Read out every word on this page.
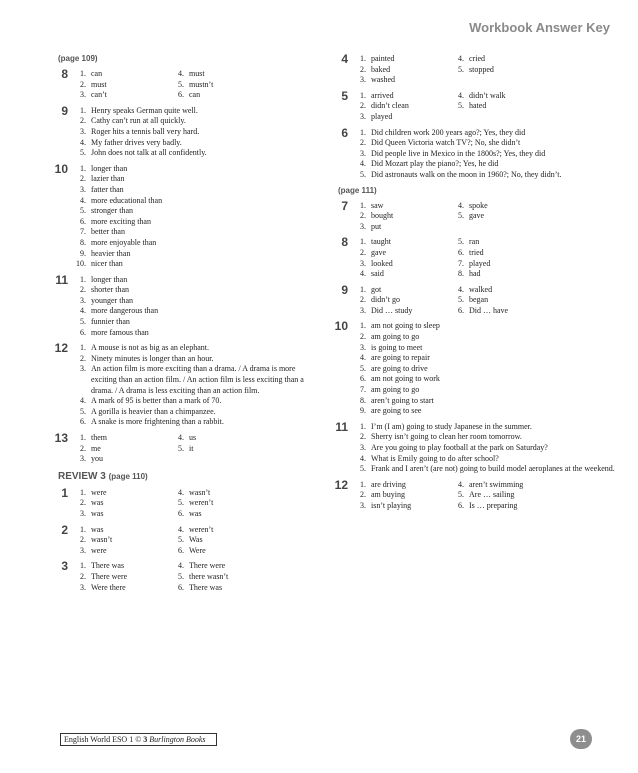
Workbook Answer Key
(page 109)
8	1. can	4. must
2. must	5. mustn’t
3. can’t	6. can
9	1. Henry speaks German quite well.
2. Cathy can’t run at all quickly.
3. Roger hits a tennis ball very hard.
4. My father drives very badly.
5. John does not talk at all confidently.
10	1. longer than
2. lazier than
3. fatter than
4. more educational than
5. stronger than
6. more exciting than
7. better than
8. more enjoyable than
9. heavier than
10. nicer than
11	1. longer than
2. shorter than
3. younger than
4. more dangerous than
5. funnier than
6. more famous than
12	1. A mouse is not as big as an elephant.
2. Ninety minutes is longer than an hour.
3. An action film is more exciting than a drama. / A drama is more exciting than an action film. / An action film is less exciting than a drama. / A drama is less exciting than an action film.
4. A mark of 95 is better than a mark of 70.
5. A gorilla is heavier than a chimpanzee.
6. A snake is more frightening than a rabbit.
13	1. them	4. us
2. me	5. it
3. you
REVIEW 3 (page 110)
1	1. were	4. wasn’t
2. was	5. weren’t
3. was	6. was
2	1. was	4. weren’t
2. wasn’t	5. Was
3. were	6. Were
3	1. There was	4. There were
2. There were	5. there wasn’t
3. Were there	6. There was
4	1. painted	4. cried
2. baked	5. stopped
3. washed
5	1. arrived	4. didn’t walk
2. didn’t clean	5. hated
3. played
6	1. Did children work 200 years ago?; Yes, they did
2. Did Queen Victoria watch TV?; No, she didn’t
3. Did people live in Mexico in the 1800s?; Yes, they did
4. Did Mozart play the piano?; Yes, he did
5. Did astronauts walk on the moon in 1960?; No, they didn’t.
(page 111)
7	1. saw	4. spoke
2. bought	5. gave
3. put
8	1. taught	5. ran
2. gave	6. tried
3. looked	7. played
4. said	8. had
9	1. got	4. walked
2. didn’t go	5. began
3. Did … study	6. Did … have
10	1. am not going to sleep
2. am going to go
3. is going to meet
4. are going to repair
5. are going to drive
6. am not going to work
7. am going to go
8. aren’t going to start
9. are going to see
11	1. I’m (I am) going to study Japanese in the summer.
2. Sherry isn’t going to clean her room tomorrow.
3. Are you going to play football at the park on Saturday?
4. What is Emily going to do after school?
5. Frank and I aren’t (are not) going to build model aeroplanes at the weekend.
12	1. are driving	4. aren’t swimming
2. am buying	5. Are … sailing
3. isn’t playing	6. Is … preparing
English World ESO 1 © 3 Burlington Books	21
